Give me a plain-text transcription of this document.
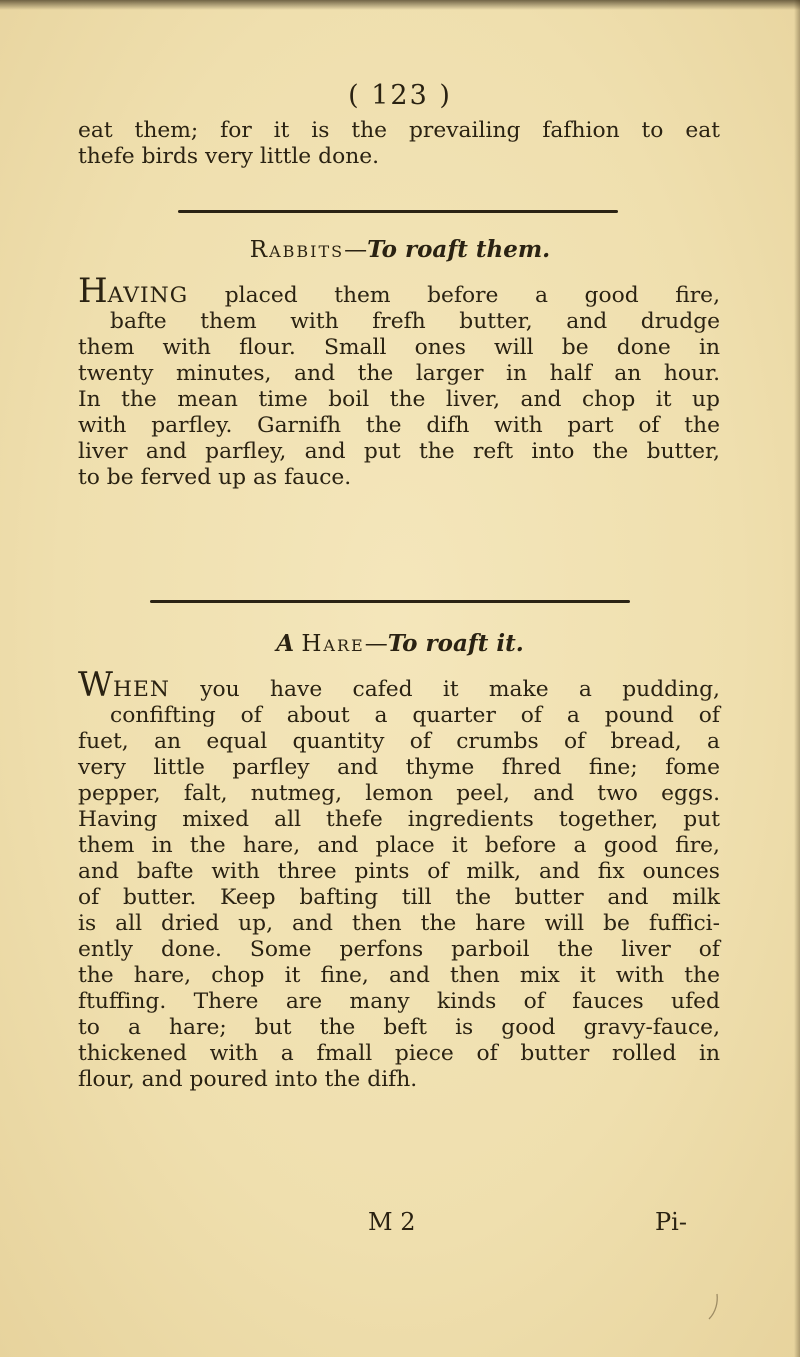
( 123 )
eat them; for it is the prevailing fafhion to eat
thefe birds very little done.
Rabbits—To roaft them.
HAVING placed them before a good fire,
bafte them with frefh butter, and drudge
them with flour. Small ones will be done in
twenty minutes, and the larger in half an hour.
In the mean time boil the liver, and chop it up
with parfley. Garnifh the difh with part of the
liver and parfley, and put the reft into the butter,
to be ferved up as fauce.
A Hare—To roaft it.
WHEN you have cafed it make a pudding,
confifting of about a quarter of a pound of
fuet, an equal quantity of crumbs of bread, a
very little parfley and thyme fhred fine; fome
pepper, falt, nutmeg, lemon peel, and two eggs.
Having mixed all thefe ingredients together, put
them in the hare, and place it before a good fire,
and bafte with three pints of milk, and fix ounces
of butter. Keep bafting till the butter and milk
is all dried up, and then the hare will be fuffici-
ently done. Some perfons parboil the liver of
the hare, chop it fine, and then mix it with the
ftuffing. There are many kinds of fauces ufed
to a hare; but the beft is good gravy-fauce,
thickened with a fmall piece of butter rolled in
flour, and poured into the difh.
M 2	Pi-
